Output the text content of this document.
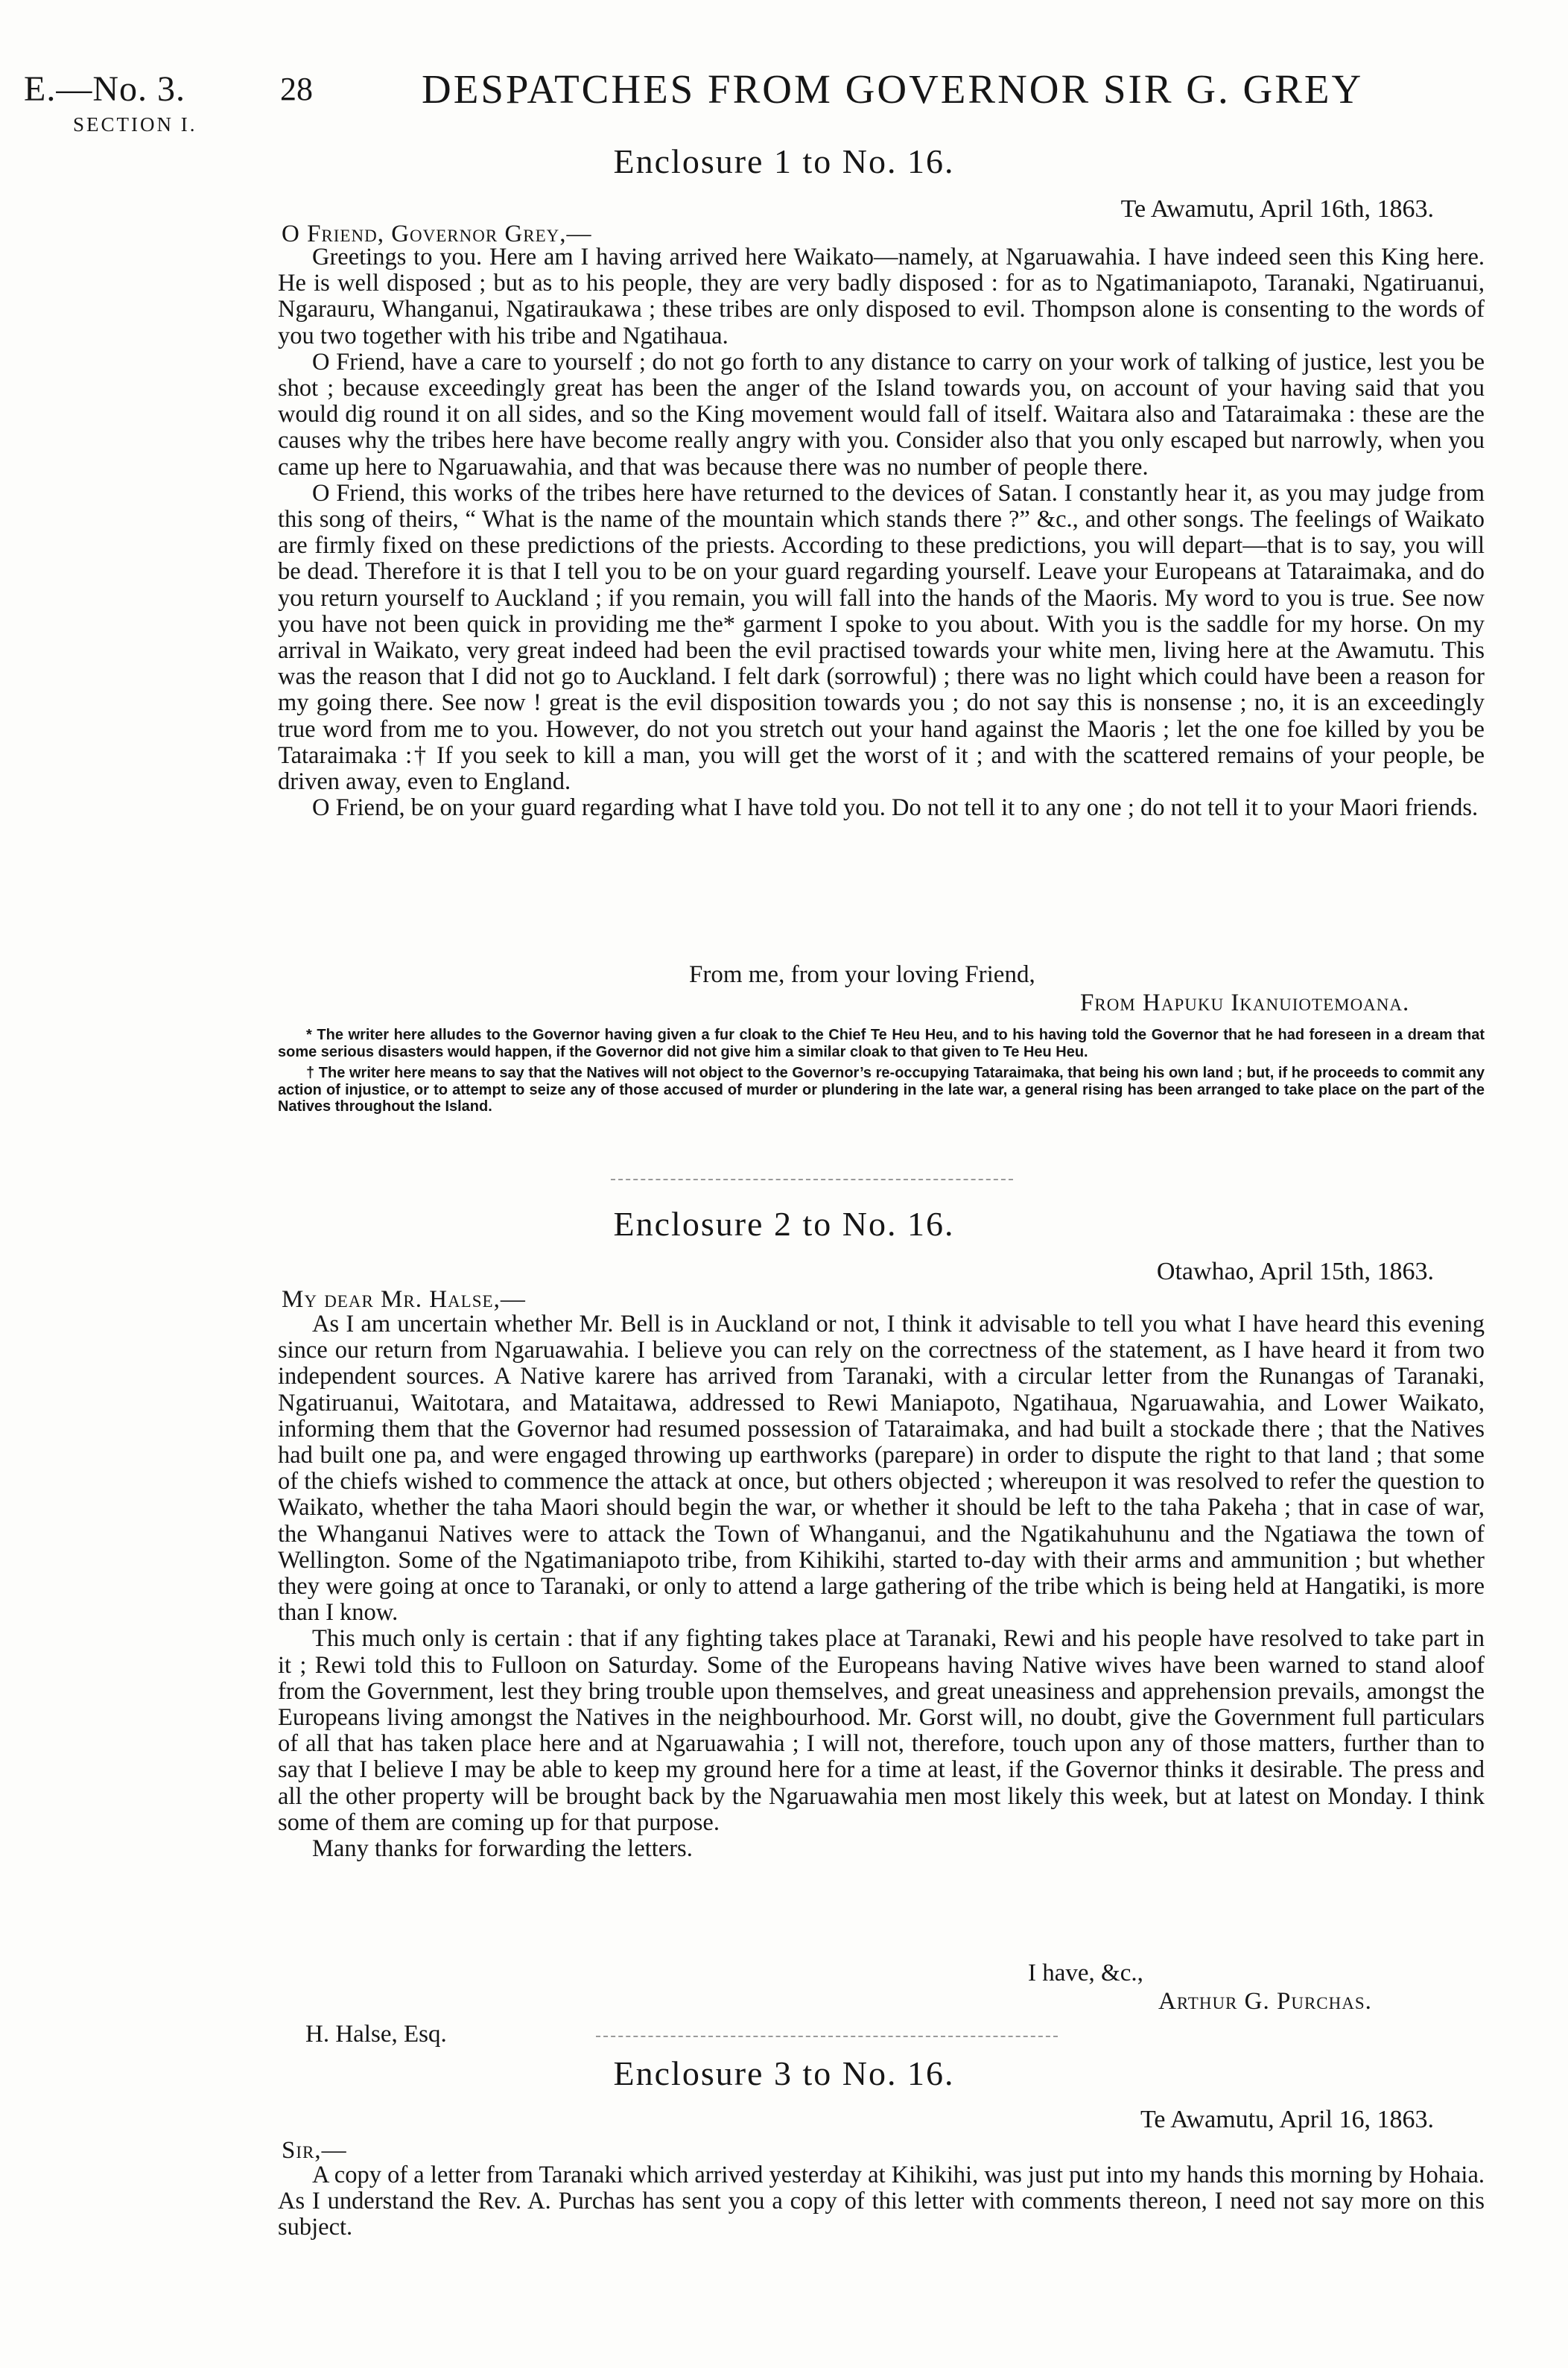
E.—No. 3.
SECTION I.
28	DESPATCHES FROM GOVERNOR SIR G. GREY
Enclosure 1 to No. 16.
Te Awamutu, April 16th, 1863.
O Friend, Governor Grey,—

Greetings to you. Here am I having arrived here Waikato—namely, at Ngaruawahia. I have indeed seen this King here. He is well disposed ; but as to his people, they are very badly disposed : for as to Ngatimaniapoto, Taranaki, Ngatiruanui, Ngarauru, Whanganui, Ngatiraukawa ; these tribes are only disposed to evil. Thompson alone is consenting to the words of you two together with his tribe and Ngatihaua.

O Friend, have a care to yourself ; do not go forth to any distance to carry on your work of talking of justice, lest you be shot ; because exceedingly great has been the anger of the Island towards you, on account of your having said that you would dig round it on all sides, and so the King movement would fall of itself. Waitara also and Tataraimaka : these are the causes why the tribes here have become really angry with you. Consider also that you only escaped but narrowly, when you came up here to Ngaruawahia, and that was because there was no number of people there.

O Friend, this works of the tribes here have returned to the devices of Satan. I constantly hear it, as you may judge from this song of theirs, “ What is the name of the mountain which stands there ?” &c., and other songs. The feelings of Waikato are firmly fixed on these predictions of the priests. According to these predictions, you will depart—that is to say, you will be dead. Therefore it is that I tell you to be on your guard regarding yourself. Leave your Europeans at Tataraimaka, and do you return yourself to Auckland ; if you remain, you will fall into the hands of the Maoris. My word to you is true. See now you have not been quick in providing me the* garment I spoke to you about. With you is the saddle for my horse. On my arrival in Waikato, very great indeed had been the evil practised towards your white men, living here at the Awamutu. This was the reason that I did not go to Auckland. I felt dark (sorrowful) ; there was no light which could have been a reason for my going there. See now ! great is the evil disposition towards you ; do not say this is nonsense ; no, it is an exceedingly true word from me to you. However, do not you stretch out your hand against the Maoris ; let the one foe killed by you be Tataraimaka :† If you seek to kill a man, you will get the worst of it ; and with the scattered remains of your people, be driven away, even to England.

O Friend, be on your guard regarding what I have told you. Do not tell it to any one ; do not tell it to your Maori friends.

From me, from your loving Friend,
From Hapuku Ikanuiotemoana.

* The writer here alludes to the Governor having given a fur cloak to the Chief Te Heu Heu, and to his having told the Governor that he had foreseen in a dream that some serious disasters would happen, if the Governor did not give him a similar cloak to that given to Te Heu Heu.

† The writer here means to say that the Natives will not object to the Governor’s re-occupying Tataraimaka, that being his own land ; but, if he proceeds to commit any action of injustice, or to attempt to seize any of those accused of murder or plundering in the late war, a general rising has been arranged to take place on the part of the Natives throughout the Island.

Enclosure 2 to No. 16.
Otawhao, April 15th, 1863.
My dear Mr. Halse,—

As I am uncertain whether Mr. Bell is in Auckland or not, I think it advisable to tell you what I have heard this evening since our return from Ngaruawahia. I believe you can rely on the correctness of the statement, as I have heard it from two independent sources. A Native karere has arrived from Taranaki, with a circular letter from the Runangas of Taranaki, Ngatiruanui, Waitotara, and Mataitawa, addressed to Rewi Maniapoto, Ngatihaua, Ngaruawahia, and Lower Waikato, informing them that the Governor had resumed possession of Tataraimaka, and had built a stockade there ; that the Natives had built one pa, and were engaged throwing up earthworks (parepare) in order to dispute the right to that land ; that some of the chiefs wished to commence the attack at once, but others objected ; whereupon it was resolved to refer the question to Waikato, whether the taha Maori should begin the war, or whether it should be left to the taha Pakeha ; that in case of war, the Whanganui Natives were to attack the Town of Whanganui, and the Ngatikahuhunu and the Ngatiawa the town of Wellington. Some of the Ngatimaniapoto tribe, from Kihikihi, started to-day with their arms and ammunition ; but whether they were going at once to Taranaki, or only to attend a large gathering of the tribe which is being held at Hangatiki, is more than I know.

This much only is certain : that if any fighting takes place at Taranaki, Rewi and his people have resolved to take part in it ; Rewi told this to Fulloon on Saturday. Some of the Europeans having Native wives have been warned to stand aloof from the Government, lest they bring trouble upon themselves, and great uneasiness and apprehension prevails, amongst the Europeans living amongst the Natives in the neighbourhood. Mr. Gorst will, no doubt, give the Government full particulars of all that has taken place here and at Ngaruawahia ; I will not, therefore, touch upon any of those matters, further than to say that I believe I may be able to keep my ground here for a time at least, if the Governor thinks it desirable. The press and all the other property will be brought back by the Ngaruawahia men most likely this week, but at latest on Monday. I think some of them are coming up for that purpose.

Many thanks for forwarding the letters.

I have, &c.,
Arthur G. Purchas.
H. Halse, Esq.
Enclosure 3 to No. 16.
Te Awamutu, April 16, 1863.
Sir,—

A copy of a letter from Taranaki which arrived yesterday at Kihikihi, was just put into my hands this morning by Hohaia. As I understand the Rev. A. Purchas has sent you a copy of this letter with comments thereon, I need not say more on this subject.
